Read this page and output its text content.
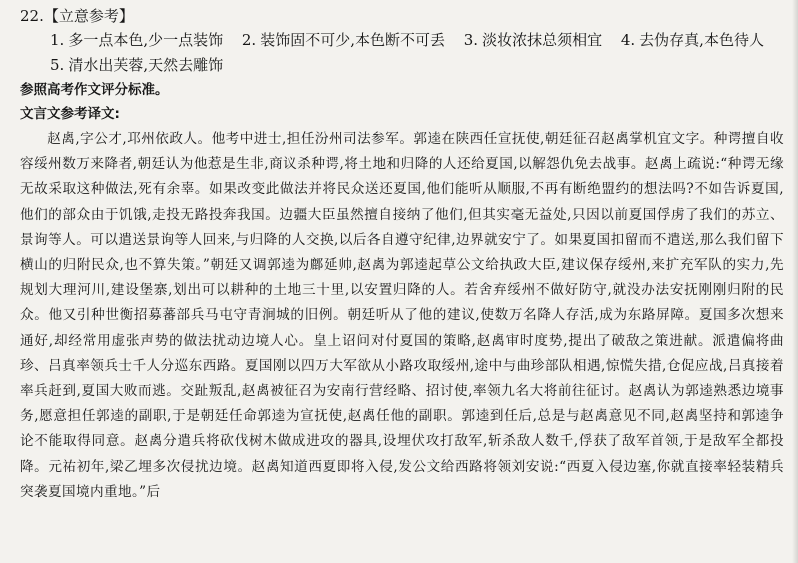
22.【立意参考】
1. 多一点本色,少一点装饰 2. 装饰固不可少,本色断不可丢 3. 淡妆浓抹总须相宜 4. 去伪存真,本色待人
5. 清水出芙蓉,天然去雕饰
参照高考作文评分标准。
文言文参考译文:
赵禼,字公才,邛州依政人。他考中进士,担任汾州司法参军。郭逵在陕西任宣抚使,朝廷征召赵禼掌机宜文字。种谔擅自收容绥州数万来降者,朝廷认为他惹是生非,商议杀种谔,将土地和归降的人还给夏国,以解怨仇免去战事。赵禼上疏说:“种谔无缘无故采取这种做法,死有余辜。如果改变此做法并将民众送还夏国,他们能听从顺服,不再有断绝盟约的想法吗?不如告诉夏国,他们的部众由于饥饿,走投无路投奔我国。边疆大臣虽然擅自接纳了他们,但其实毫无益处,只因以前夏国俘虏了我们的苏立、景询等人。可以遣送景询等人回来,与归降的人交换,以后各自遵守纪律,边界就安宁了。如果夏国扣留而不遣送,那么我们留下横山的归附民众,也不算失策。”朝廷又调郭逵为鄜延帅,赵禼为郭逵起草公文给执政大臣,建议保存绥州,来扩充军队的实力,先规划大理河川,建设堡寨,划出可以耕种的土地三十里,以安置归降的人。若舍弃绥州不做好防守,就没办法安抚刚刚归附的民众。他又引种世衡招募蕃部兵马屯守青涧城的旧例。朝廷听从了他的建议,使数万名降人存活,成为东路屏障。夏国多次想来通好,却经常用虚张声势的做法扰动边境人心。皇上诏问对付夏国的策略,赵禼审时度势,提出了破敌之策进献。派遣偏将曲珍、吕真率领兵士千人分巡东西路。夏国刚以四万大军欲从小路攻取绥州,途中与曲珍部队相遇,惊慌失措,仓促应战,吕真接着率兵赶到,夏国大败而逃。交趾叛乱,赵禼被征召为安南行营经略、招讨使,率领九名大将前往征讨。赵禼认为郭逵熟悉边境事务,愿意担任郭逵的副职,于是朝廷任命郭逵为宣抚使,赵禼任他的副职。郭逵到任后,总是与赵禼意见不同,赵禼坚持和郭逵争论不能取得同意。赵禼分遣兵将砍伐树木做成进攻的器具,设埋伏攻打敌军,斩杀敌人数千,俘获了敌军首领,于是敌军全都投降。元祐初年,梁乙埋多次侵扰边境。赵禼知道西夏即将入侵,发公文给西路将领刘安说:“西夏入侵边塞,你就直接率轻装精兵突袭夏国境内重地。”后
